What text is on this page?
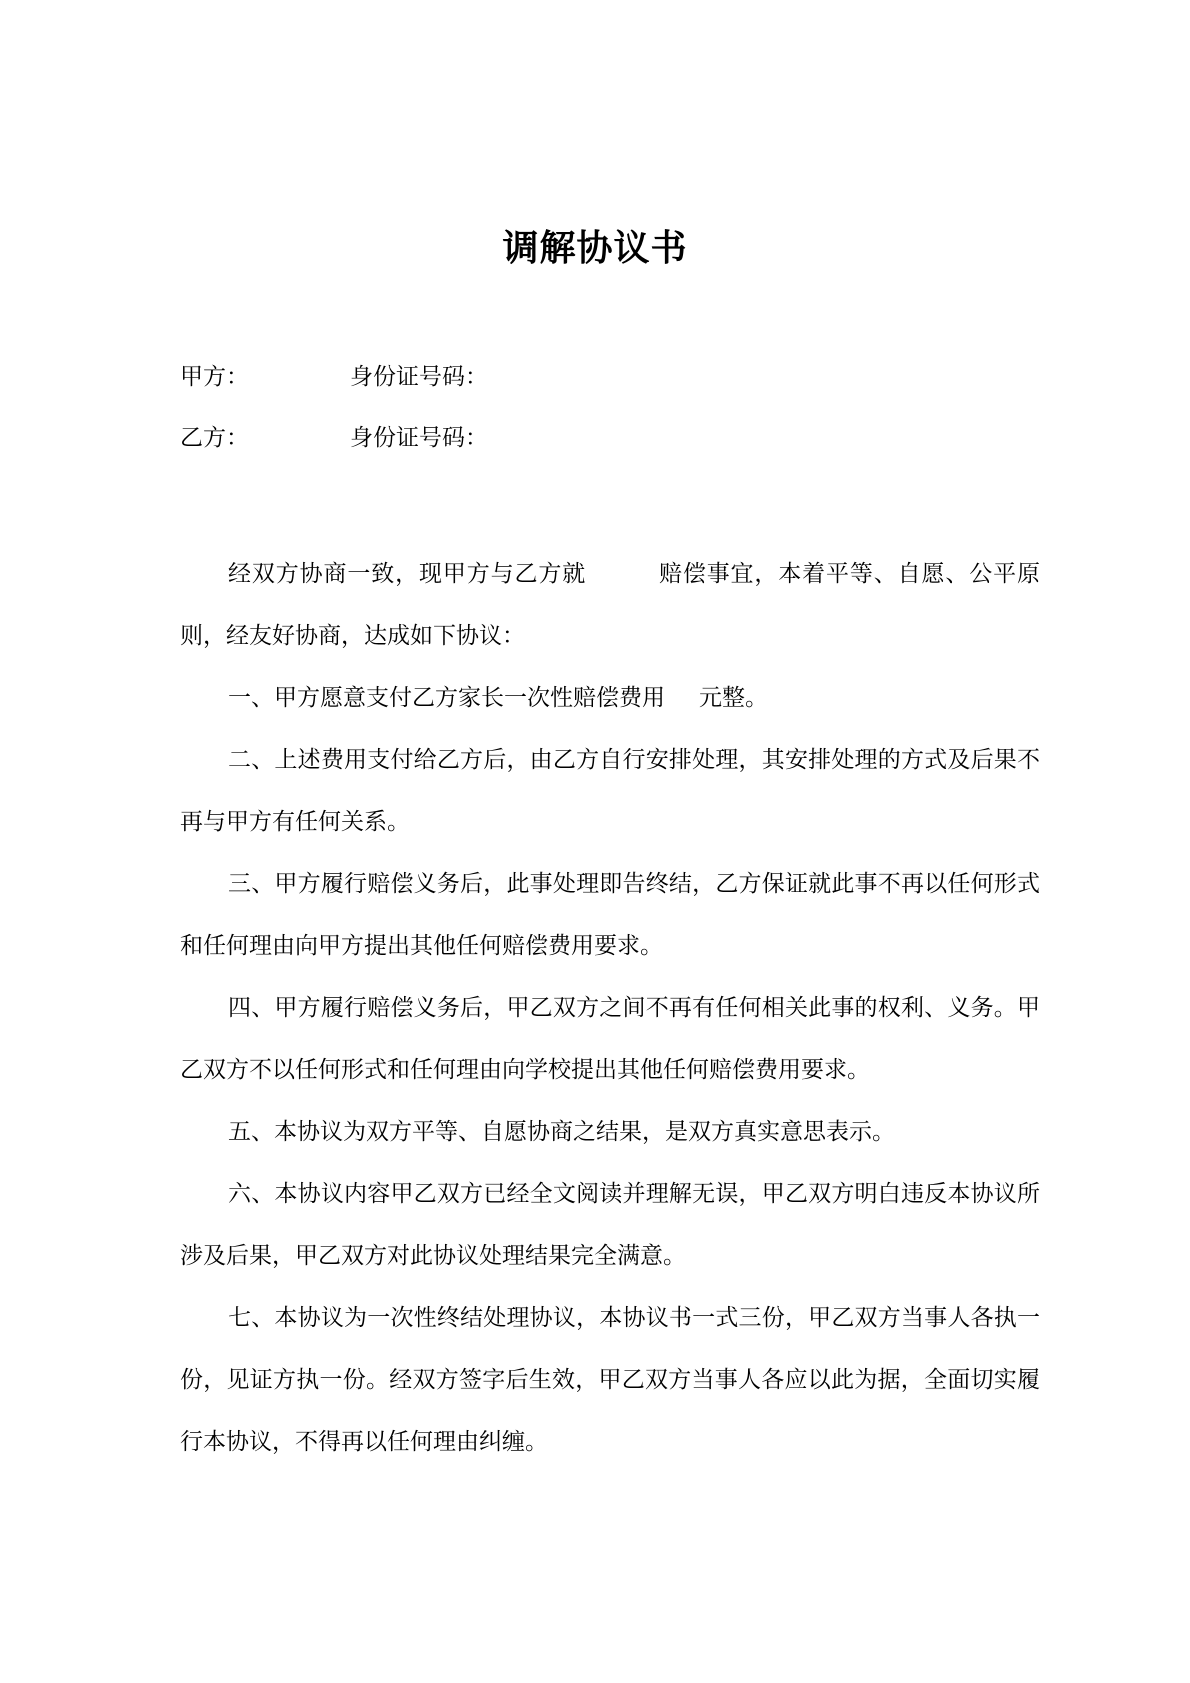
调解协议书
甲方：	身份证号码：
乙方：	身份证号码：

经双方协商一致，现甲方与乙方就	赔偿事宜，本着平等、自愿、公平原则，经友好协商，达成如下协议：

一、甲方愿意支付乙方家长一次性赔偿费用 元整。

二、上述费用支付给乙方后，由乙方自行安排处理，其安排处理的方式及后果不再与甲方有任何关系。

三、甲方履行赔偿义务后，此事处理即告终结，乙方保证就此事不再以任何形式和任何理由向甲方提出其他任何赔偿费用要求。

四、甲方履行赔偿义务后，甲乙双方之间不再有任何相关此事的权利、义务。甲乙双方不以任何形式和任何理由向学校提出其他任何赔偿费用要求。

五、本协议为双方平等、自愿协商之结果，是双方真实意思表示。

六、本协议内容甲乙双方已经全文阅读并理解无误，甲乙双方明白违反本协议所涉及后果，甲乙双方对此协议处理结果完全满意。

七、本协议为一次性终结处理协议，本协议书一式三份，甲乙双方当事人各执一份，见证方执一份。经双方签字后生效，甲乙双方当事人各应以此为据，全面切实履行本协议，不得再以任何理由纠缠。
